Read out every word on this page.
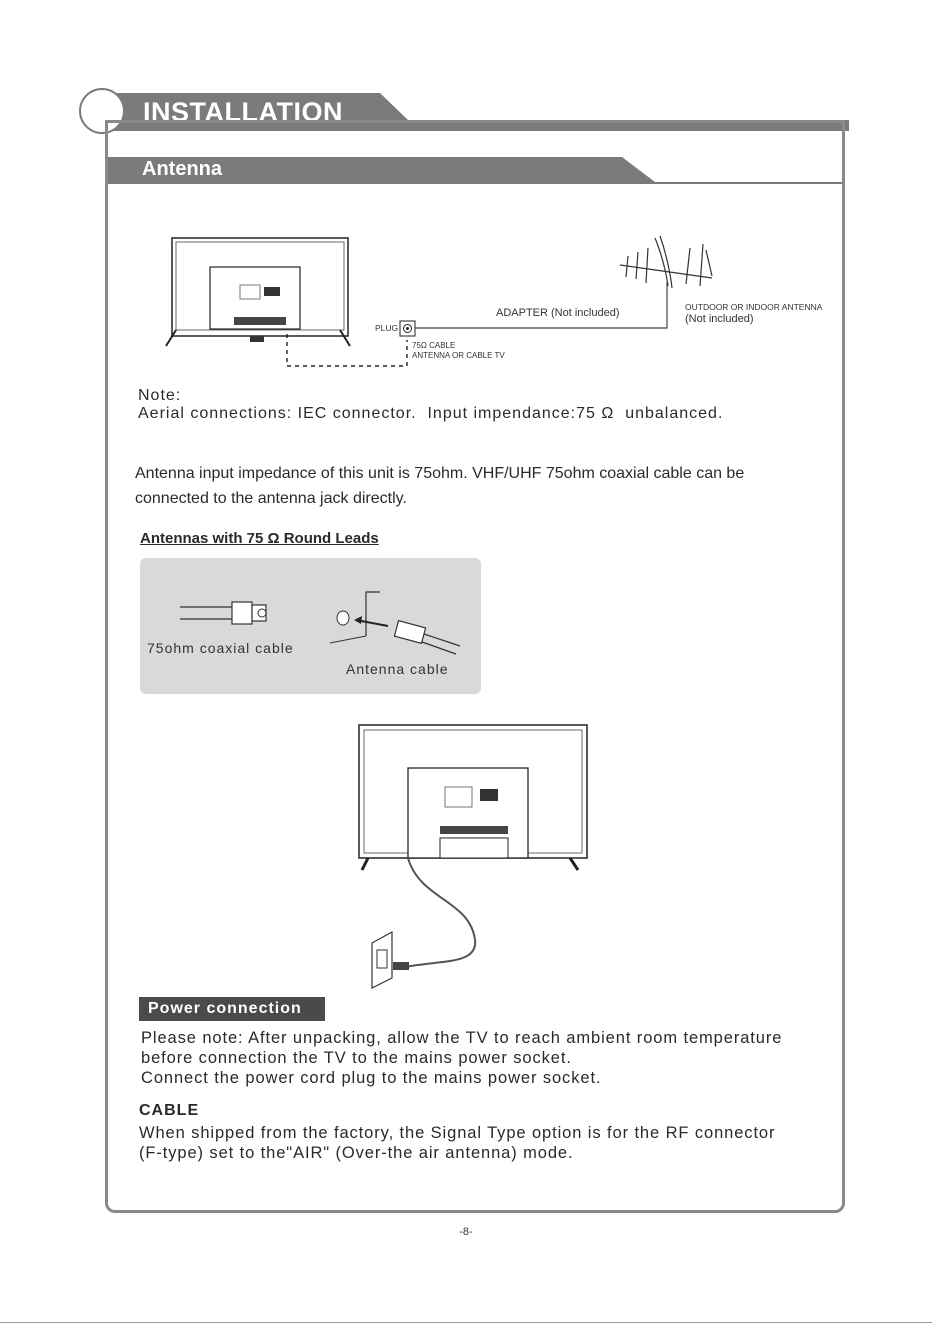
INSTALLATION
Antenna
ADAPTER (Not included)	OUTDOOR OR INDOOR ANTENNA
(Not included)
PLUG
75Ω CABLE
ANTENNA OR CABLE TV
Note:
Aerial connections: IEC connector.  Input impendance:75 Ω  unbalanced.
Antenna input impedance of this unit is 75ohm. VHF/UHF 75ohm coaxial cable can be
connected to the antenna jack directly.
Antennas with 75 Ω Round Leads
75ohm coaxial cable
Antenna cable
Power connection
Please note: After unpacking, allow the TV to reach ambient room temperature
before connection the TV to the mains power socket.
Connect the power cord plug to the mains power socket.
CABLE
When shipped from the factory, the Signal Type option is for the RF connector
(F-type) set to the"AIR" (Over-the air antenna) mode.
-8-
